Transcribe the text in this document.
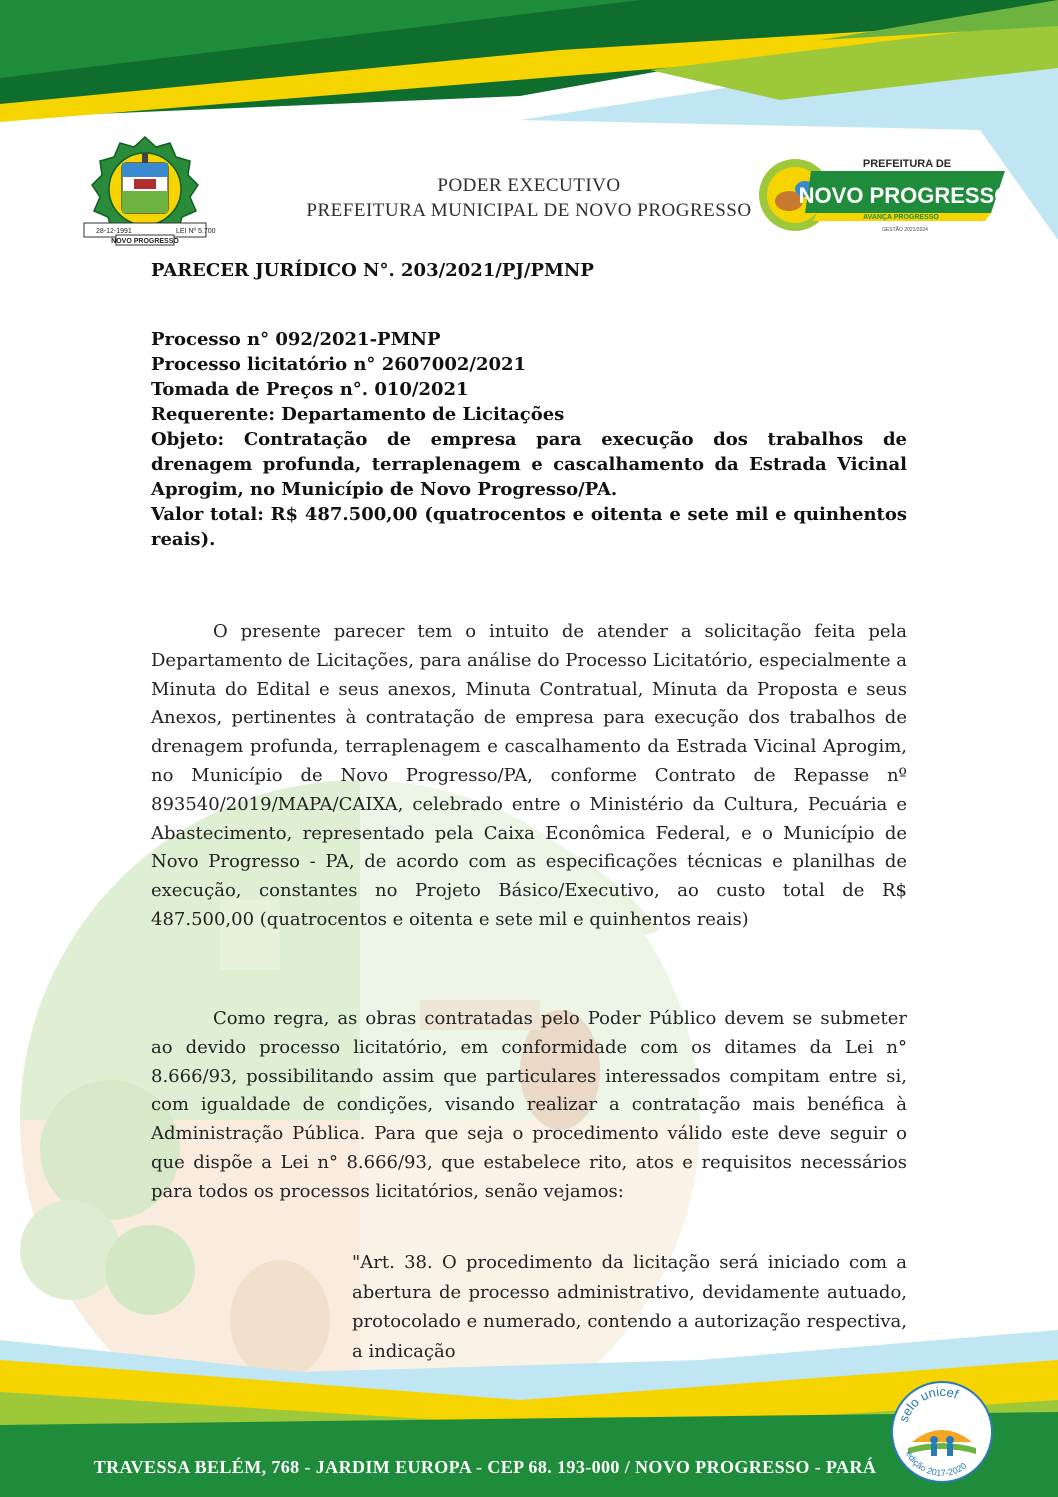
28-12-1991	LEI Nº 5.700
NOVO PROGRESSO
PODER EXECUTIVO
PREFEITURA MUNICIPAL DE NOVO PROGRESSO
PREFEITURA DE
NOVO PROGRESSO
AVANÇA PROGRESSO
GESTÃO 2021/2024
PARECER JURÍDICO N°. 203/2021/PJ/PMNP
Processo n° 092/2021-PMNP
Processo licitatório n° 2607002/2021
Tomada de Preços n°. 010/2021
Requerente: Departamento de Licitações
Objeto: Contratação de empresa para execução dos trabalhos de drenagem profunda, terraplenagem e cascalhamento da Estrada Vicinal Aprogim, no Município de Novo Progresso/PA.
Valor total: R$ 487.500,00 (quatrocentos e oitenta e sete mil e quinhentos reais).
O presente parecer tem o intuito de atender a solicitação feita pela Departamento de Licitações, para análise do Processo Licitatório, especialmente a Minuta do Edital e seus anexos, Minuta Contratual, Minuta da Proposta e seus Anexos, pertinentes à contratação de empresa para execução dos trabalhos de drenagem profunda, terraplenagem e cascalhamento da Estrada Vicinal Aprogim, no Município de Novo Progresso/PA, conforme Contrato de Repasse nº 893540/2019/MAPA/CAIXA, celebrado entre o Ministério da Cultura, Pecuária e Abastecimento, representado pela Caixa Econômica Federal, e o Município de Novo Progresso - PA, de acordo com as especificações técnicas e planilhas de execução, constantes no Projeto Básico/Executivo, ao custo total de R$ 487.500,00 (quatrocentos e oitenta e sete mil e quinhentos reais)
Como regra, as obras contratadas pelo Poder Público devem se submeter ao devido processo licitatório, em conformidade com os ditames da Lei n° 8.666/93, possibilitando assim que particulares interessados compitam entre si, com igualdade de condições, visando realizar a contratação mais benéfica à Administração Pública. Para que seja o procedimento válido este deve seguir o que dispõe a Lei n° 8.666/93, que estabelece rito, atos e requisitos necessários para todos os processos licitatórios, senão vejamos:
"Art. 38. O procedimento da licitação será iniciado com a abertura de processo administrativo, devidamente autuado, protocolado e numerado, contendo a autorização respectiva, a indicação
selo unicef
edição 2017-2020
TRAVESSA BELÉM, 768 - JARDIM EUROPA - CEP 68. 193-000 / NOVO PROGRESSO - PARÁ
